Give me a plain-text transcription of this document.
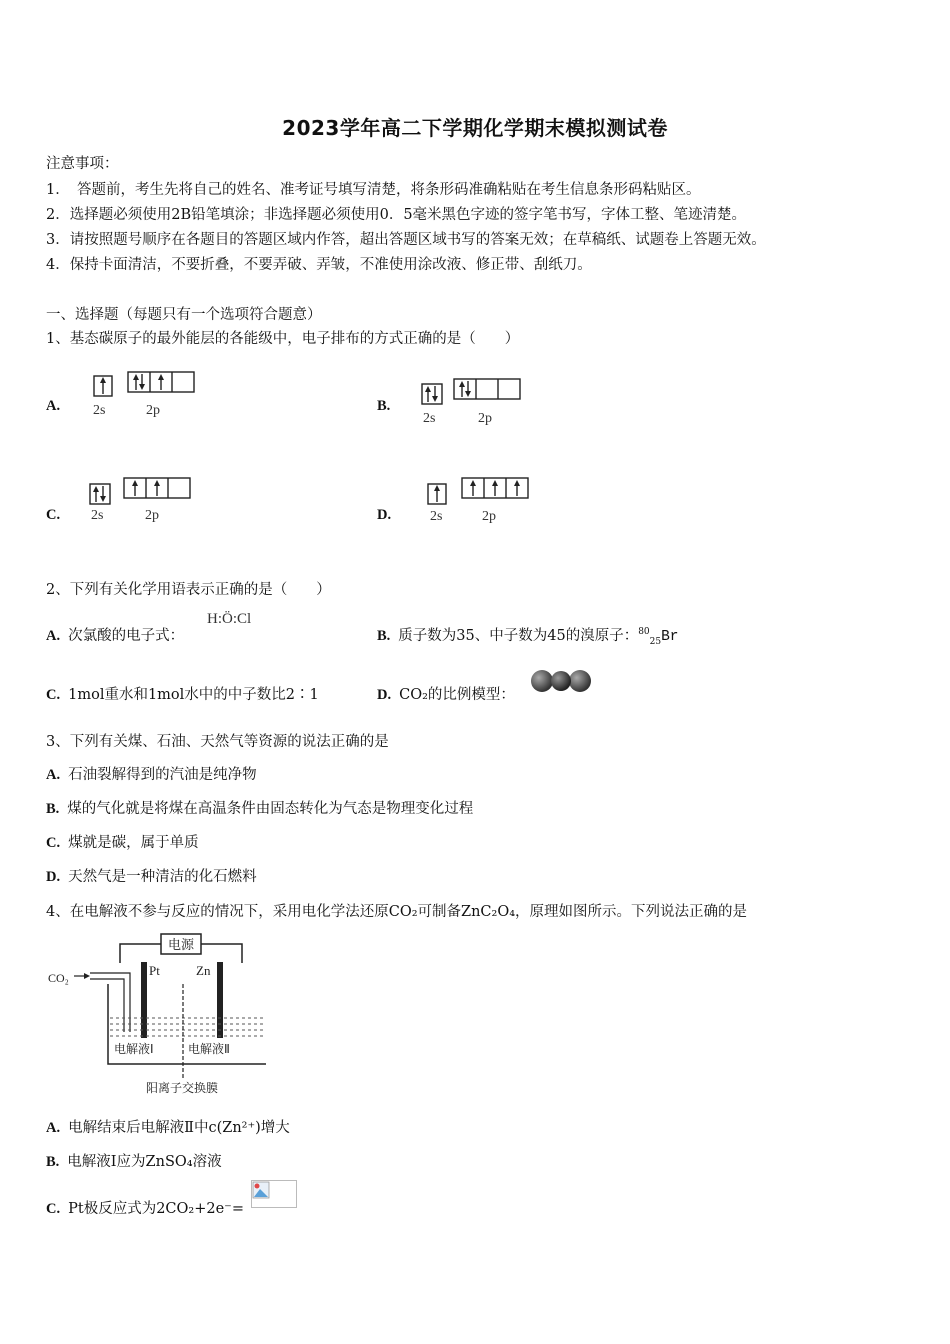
2023学年高二下学期化学期末模拟测试卷
注意事项：
1．　答题前，考生先将自己的姓名、准考证号填写清楚，将条形码准确粘贴在考生信息条形码粘贴区。
2．选择题必须使用2B铅笔填涂；非选择题必须使用0．5毫米黑色字迹的签字笔书写，字体工整、笔迹清楚。
3．请按照题号顺序在各题目的答题区域内作答，超出答题区域书写的答案无效；在草稿纸、试题卷上答题无效。
4．保持卡面清洁，不要折叠，不要弄破、弄皱，不准使用涂改液、修正带、刮纸刀。
一、选择题（每题只有一个选项符合题意）
1、基态碳原子的最外能层的各能级中，电子排布的方式正确的是（　　）
A.	2s	2p	B.
2s	2p
C.	2s	2p	D.	2s	2p
2、下列有关化学用语表示正确的是（　　）
A. 次氯酸的电子式：
H:Ö:Cl
B. 质子数为35、中子数为45的溴原子：$^{80}_{25}$Br
C. 1mol重水和1mol水中的中子数比2∶1	D. CO₂的比例模型：
3、下列有关煤、石油、天然气等资源的说法正确的是
A. 石油裂解得到的汽油是纯净物
B. 煤的气化就是将煤在高温条件由固态转化为气态是物理变化过程
C. 煤就是碳，属于单质
D. 天然气是一种清洁的化石燃料
4、在电解液不参与反应的情况下，采用电化学法还原CO₂可制备ZnC₂O₄，原理如图所示。下列说法正确的是
电源
Pt	Zn
CO₂
电解液Ⅰ	电解液Ⅱ
阳离子交换膜
A. 电解结束后电解液Ⅱ中c(Zn²⁺)增大
B. 电解液Ⅰ应为ZnSO₄溶液
C. Pt极反应式为2CO₂+2e⁻=
